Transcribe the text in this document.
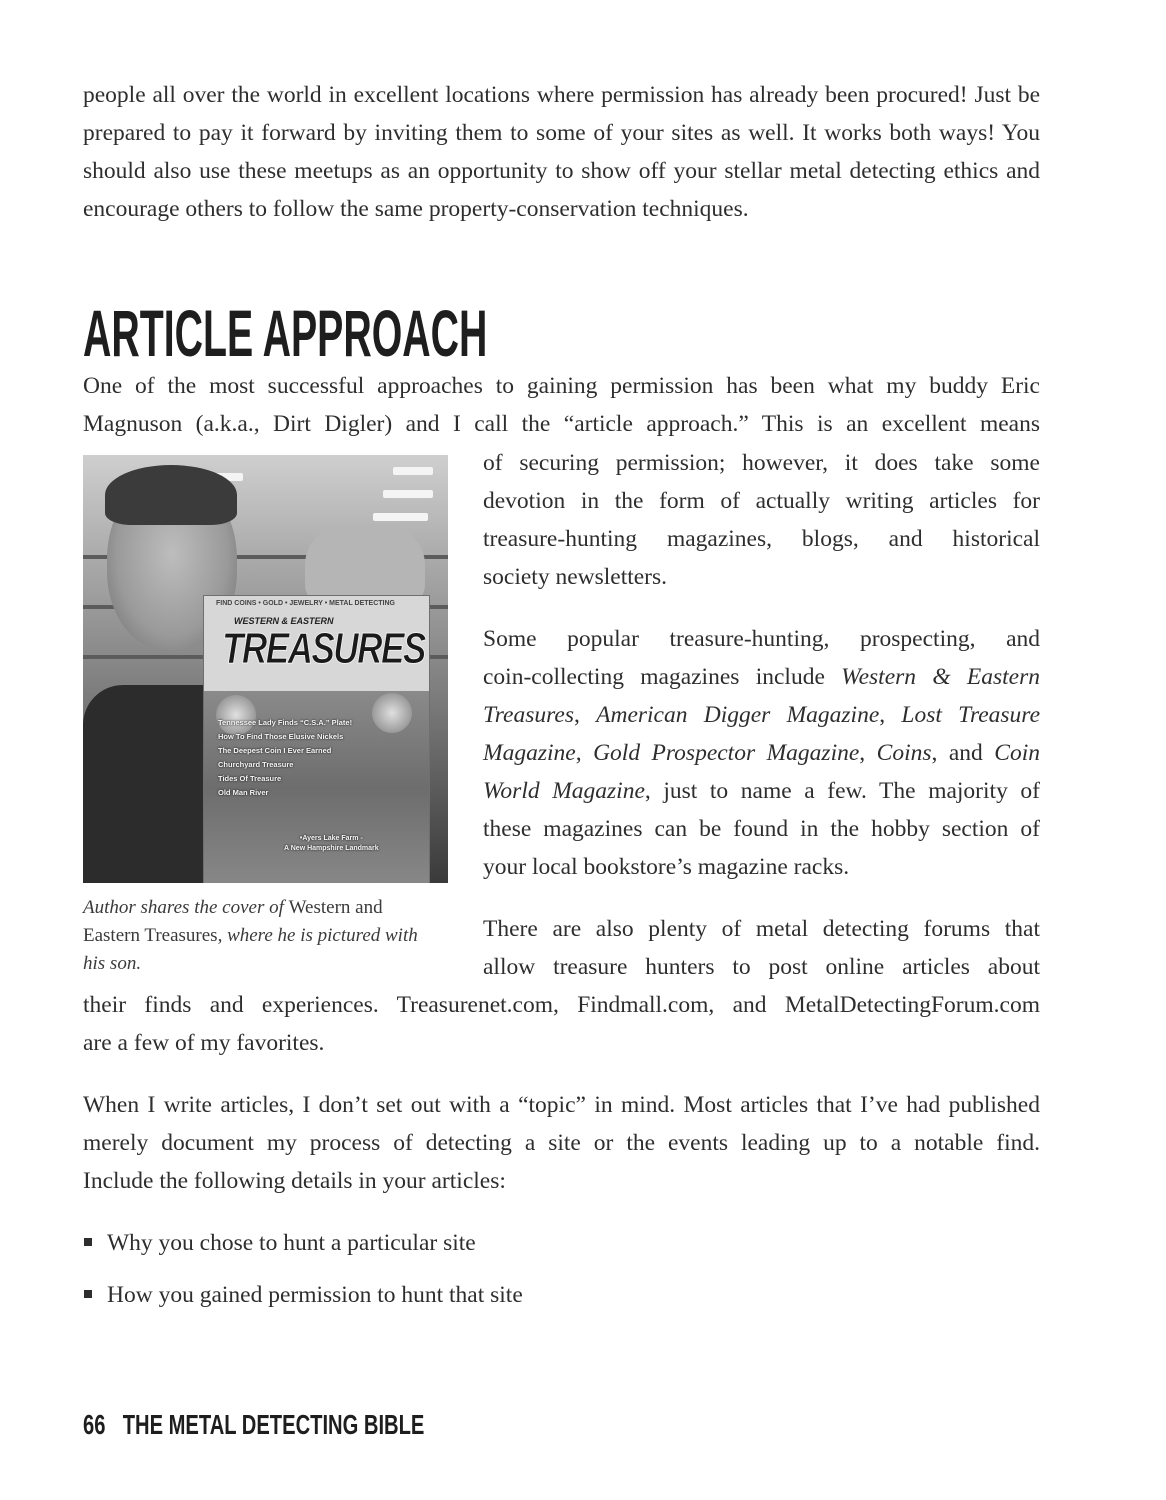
people all over the world in excellent locations where permission has already been procured! Just be prepared to pay it forward by inviting them to some of your sites as well. It works both ways! You should also use these meetups as an opportunity to show off your stellar metal detecting ethics and encourage others to follow the same property-conservation techniques.

ARTICLE APPROACH

One of the most successful approaches to gaining permission has been what my buddy Eric
Magnuson (a.k.a., Dirt Digler) and I call the “article approach.” This is an excellent means

FIND COINS • GOLD • JEWELRY • METAL DETECTING
WESTERN & EASTERN
TREASURES
Tennessee Lady Finds “C.S.A.” Plate!
How To Find Those Elusive Nickels
The Deepest Coin I Ever Earned
Churchyard Treasure
Tides Of Treasure
Old Man River
•Ayers Lake Farm -
A New Hampshire Landmark

Author shares the cover of Western and Eastern Treasures, where he is pictured with his son.

of securing permission; however, it does take some
devotion in the form of actually writing articles for
treasure-hunting magazines, blogs, and historical
society newsletters.
Some popular treasure-hunting, prospecting, and
coin-collecting magazines include Western & Eastern
Treasures, American Digger Magazine, Lost Treasure
Magazine, Gold Prospector Magazine, Coins, and Coin
World Magazine, just to name a few. The majority of
these magazines can be found in the hobby section of
your local bookstore’s magazine racks.
There are also plenty of metal detecting forums that
allow treasure hunters to post online articles about

their finds and experiences. Treasurenet.com, Findmall.com, and MetalDetectingForum.com
are a few of my favorites.

When I write articles, I don’t set out with a “topic” in mind. Most articles that I’ve had published
merely document my process of detecting a site or the events leading up to a notable find.
Include the following details in your articles:

Why you chose to hunt a particular site
How you gained permission to hunt that site
66 THE METAL DETECTING BIBLE
